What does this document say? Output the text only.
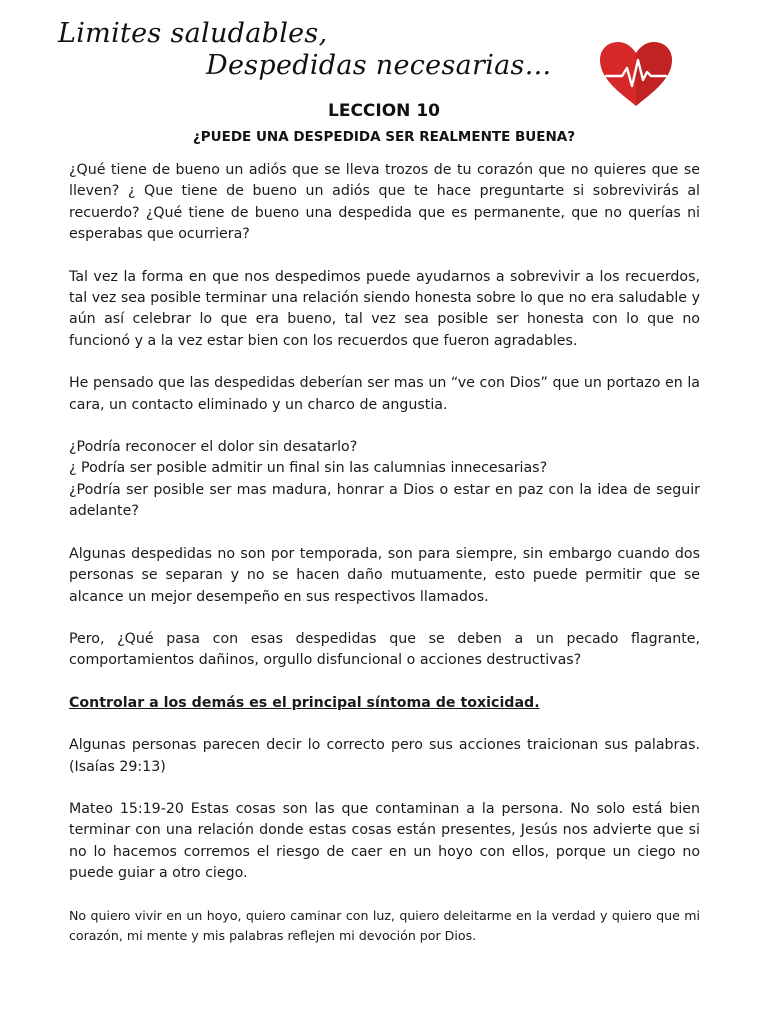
Limites saludables,
Despedidas necesarias...
LECCION 10
¿PUEDE UNA DESPEDIDA SER REALMENTE BUENA?

¿Qué tiene de bueno un adiós que se lleva trozos de tu corazón que no quieres que se lleven? ¿ Que tiene de bueno un adiós que te hace preguntarte si sobrevivirás al recuerdo? ¿Qué tiene de bueno una despedida que es permanente, que no querías ni esperabas que ocurriera?

Tal vez la forma en que nos despedimos puede ayudarnos a sobrevivir a los recuerdos, tal vez sea posible terminar una relación siendo honesta sobre lo que no era saludable y aún así celebrar lo que era bueno, tal vez sea posible ser honesta con lo que no funcionó y a la vez estar bien con los recuerdos que fueron agradables.

He pensado que las despedidas deberían ser mas un “ve con Dios” que un portazo en la cara, un contacto eliminado y un charco de angustia.

¿Podría reconocer el dolor sin desatarlo?
¿ Podría ser posible admitir un final sin las calumnias innecesarias?
¿Podría ser posible ser mas madura, honrar a Dios o estar en paz con la idea de seguir adelante?

Algunas despedidas no son por temporada, son para siempre, sin embargo cuando dos personas se separan y no se hacen daño mutuamente, esto puede permitir que se alcance un mejor desempeño en sus respectivos llamados.

Pero, ¿Qué pasa con esas despedidas que se deben a un pecado flagrante, comportamientos dañinos, orgullo disfuncional o acciones destructivas?

Controlar a los demás es el principal síntoma de toxicidad.

Algunas personas parecen decir lo correcto pero sus acciones traicionan sus palabras. (Isaías 29:13)

Mateo 15:19-20 Estas cosas son las que contaminan a la persona. No solo está bien terminar con una relación donde estas cosas están presentes, Jesús nos advierte que si no lo hacemos corremos el riesgo de caer en un hoyo con ellos, porque un ciego no puede guiar a otro ciego.

No quiero vivir en un hoyo, quiero caminar con luz, quiero deleitarme en la verdad y quiero que mi corazón, mi mente y mis palabras reflejen mi devoción por Dios.
